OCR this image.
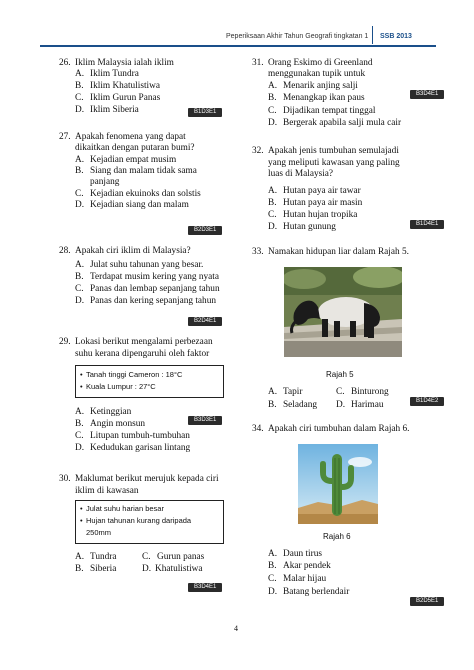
Peperiksaan Akhir Tahun Geografi tingkatan 1 SSB 2013
26. Iklim Malaysia ialah iklim
A. Iklim Tundra
B. Iklim Khatulistiwa
C. Iklim Gurun Panas
D. Iklim Siberia	B1D3E1
27. Apakah fenomena yang dapat
dikaitkan dengan putaran bumi?
A. Kejadian empat musim
B. Siang dan malam tidak sama
panjang
C. Kejadian ekuinoks dan solstis
D. Kejadian siang dan malam
B2D3E1
28. Apakah ciri iklim di Malaysia?
A. Julat suhu tahunan yang besar.
B. Terdapat musim kering yang nyata
C. Panas dan lembap sepanjang tahun
D. Panas dan kering sepanjang tahun
B2D4E1
29. Lokasi berikut mengalami perbezaan
suhu kerana dipengaruhi oleh faktor
• Tanah tinggi Cameron : 18°C
• Kuala Lumpur : 27°C
A. Ketinggian
B. Angin monsun
C. Litupan tumbuh-tumbuhan
D. Kedudukan garisan lintang
B3D3E1
30. Maklumat berikut merujuk kepada ciri
iklim di kawasan
• Julat suhu harian besar
• Hujan tahunan kurang daripada
250mm
A. Tundra	C. Gurun panas
B. Siberia	D. Khatulistiwa
B3D4E1
31. Orang Eskimo di Greenland
menggunakan tupik untuk
A. Menarik anjing salji
B. Menangkap ikan paus
C. Dijadikan tempat tinggal
D. Bergerak apabila salji mula cair
B3D4E1
32. Apakah jenis tumbuhan semulajadi
yang meliputi kawasan yang paling
luas di Malaysia?
A. Hutan paya air tawar
B. Hutan paya air masin
C. Hutan hujan tropika
D. Hutan gunung	B1D4E1
33. Namakan hidupan liar dalam Rajah 5.
Rajah 5
A. Tapir	C. Binturong
B. Seladang D. Harimau	B1D4E2
34. Apakah ciri tumbuhan dalam Rajah 6.
Rajah 6
A. Daun tirus
B. Akar pendek
C. Malar hijau
D. Batang berlendair
B2D5E1
4
